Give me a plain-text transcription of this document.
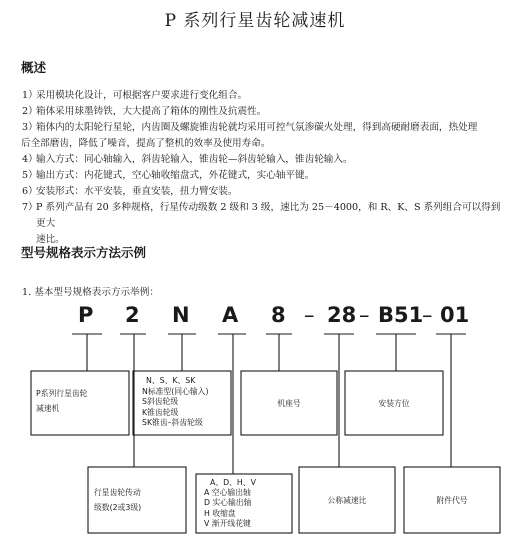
P 系列行星齿轮减速机
概述
1）
采用模块化设计，可根据客户要求进行变化组合。
2）
箱体采用球墨铸铁，大大提高了箱体的刚性及抗震性。
3）
箱体内的太阳轮行星轮，内齿圈及螺旋锥齿轮就均采用可控气氛渗碳火处理，得到高硬耐磨表面，热处理
后全部磨齿，降低了噪音，提高了整机的效率及使用寿命。
4）
输入方式：同心轴输入，斜齿轮输入，锥齿轮—斜齿轮输入，锥齿轮输入。
5）
输出方式：内花键式，空心轴收缩盘式，外花键式，实心轴平键。
6）
安装形式：水平安装，垂直安装，扭力臂安装。
7）
P 系列产品有 20 多种规格，行星传动级数 2 级和 3 级，速比为 25－4000，和 R、K、S 系列组合可以得到更大
速比。
型号规格表示方法示例
1. 基本型号规格表示方示举例：
P 2 N A 8 – 28 – B51
– 01
P系列行星齿轮
减速机
N、S、K、SK
N标准型(同心输入)
S斜齿轮级
K锥齿轮级
SK锥齿–斜齿轮级
机座号	安装方位
行星齿轮传动
级数(2或3级)
A、D、H、V
A 空心输出轴
D 实心输出轴
H 收缩盘
V 渐开线花键
公称减速比	附件代号
